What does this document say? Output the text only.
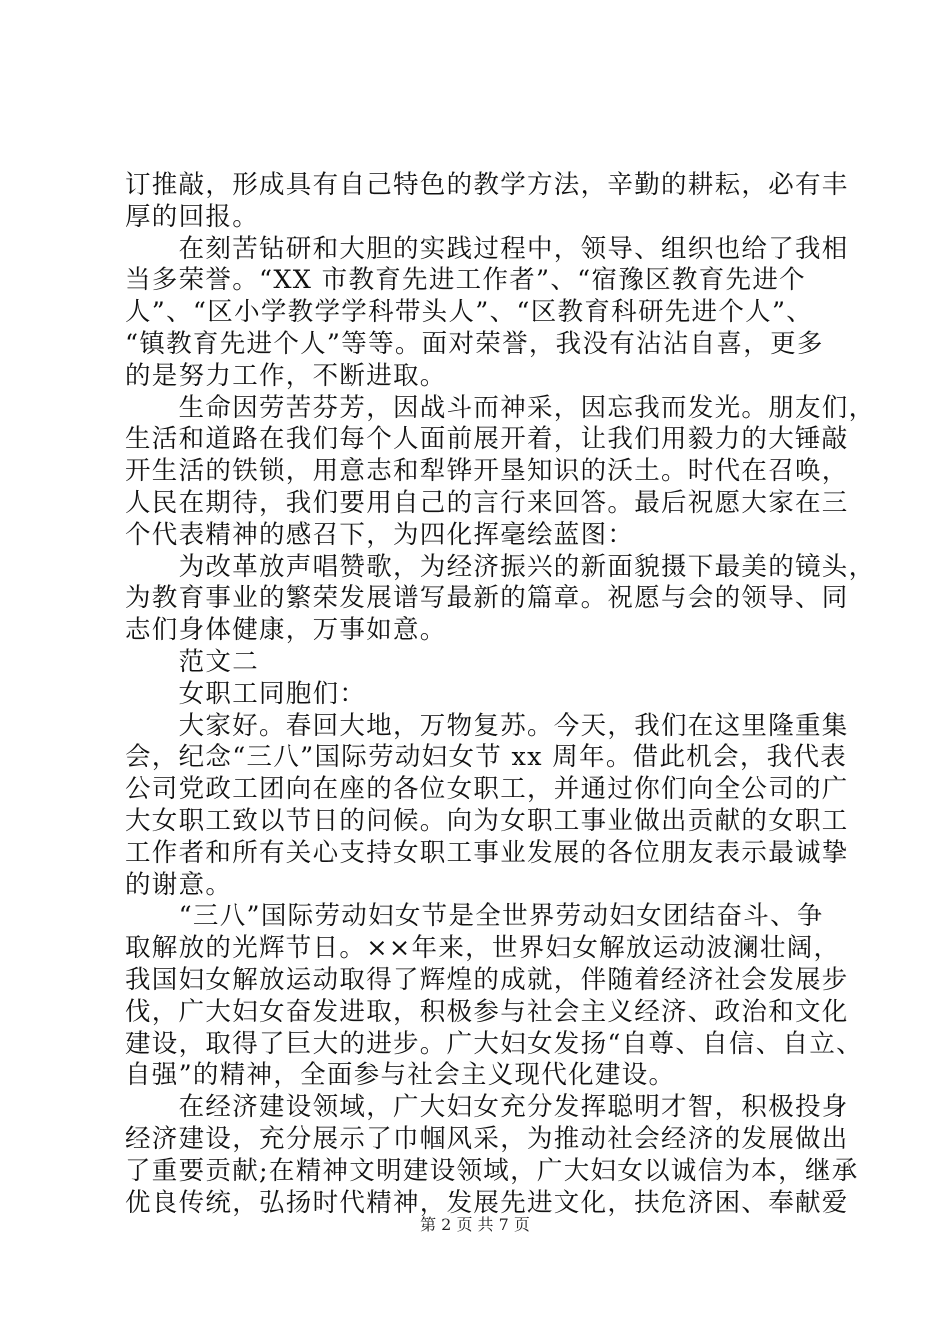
订推敲，形成具有自己特色的教学方法，辛勤的耕耘，必有丰
厚的回报。
　　在刻苦钻研和大胆的实践过程中，领导、组织也给了我相
当多荣誉。“XX 市教育先进工作者”、“宿豫区教育先进个
人”、“区小学教学学科带头人”、“区教育科研先进个人”、
“镇教育先进个人”等等。面对荣誉，我没有沾沾自喜，更多
的是努力工作，不断进取。
　　生命因劳苦芬芳，因战斗而神采，因忘我而发光。朋友们，
生活和道路在我们每个人面前展开着，让我们用毅力的大锤敲
开生活的铁锁，用意志和犁铧开垦知识的沃土。时代在召唤，
人民在期待，我们要用自己的言行来回答。最后祝愿大家在三
个代表精神的感召下，为四化挥毫绘蓝图：
　　为改革放声唱赞歌，为经济振兴的新面貌摄下最美的镜头，
为教育事业的繁荣发展谱写最新的篇章。祝愿与会的领导、同
志们身体健康，万事如意。
　　范文二
　　女职工同胞们：
　　大家好。春回大地，万物复苏。今天，我们在这里隆重集
会，纪念“三八”国际劳动妇女节 xx 周年。借此机会，我代表
公司党政工团向在座的各位女职工，并通过你们向全公司的广
大女职工致以节日的问候。向为女职工事业做出贡献的女职工
工作者和所有关心支持女职工事业发展的各位朋友表示最诚挚
的谢意。
　　“三八”国际劳动妇女节是全世界劳动妇女团结奋斗、争
取解放的光辉节日。××年来，世界妇女解放运动波澜壮阔，
我国妇女解放运动取得了辉煌的成就，伴随着经济社会发展步
伐，广大妇女奋发进取，积极参与社会主义经济、政治和文化
建设，取得了巨大的进步。广大妇女发扬“自尊、自信、自立、
自强”的精神，全面参与社会主义现代化建设。
　　在经济建设领域，广大妇女充分发挥聪明才智，积极投身
经济建设，充分展示了巾帼风采，为推动社会经济的发展做出
了重要贡献;在精神文明建设领域，广大妇女以诚信为本，继承
优良传统，弘扬时代精神，发展先进文化，扶危济困、奉献爱
第 2 页 共 7 页
